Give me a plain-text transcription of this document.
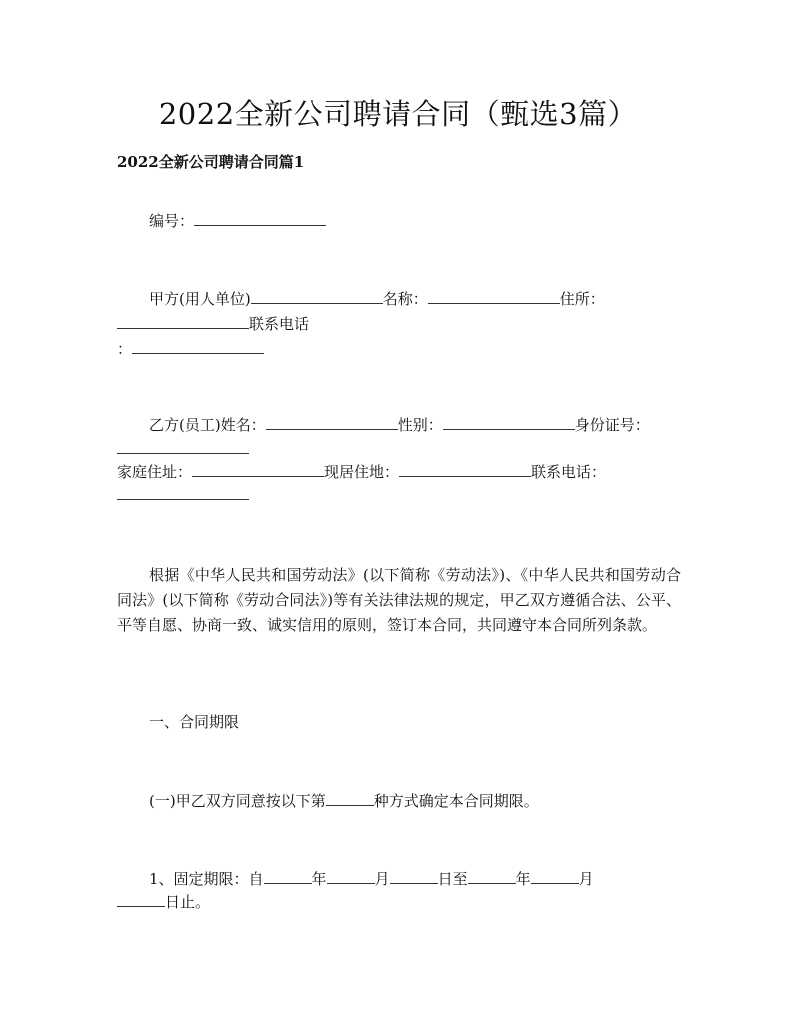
2022全新公司聘请合同（甄选3篇）
2022全新公司聘请合同篇1
编号：
甲方(用人单位)	名称：	住所：
联系电话
：
乙方(员工)姓名：	性别：	身份证号：
家庭住址：	现居住地：	联系电话：
根据《中华人民共和国劳动法》(以下简称《劳动法》)、《中华人民共和国劳动合同法》(以下简称《劳动合同法》)等有关法律法规的规定，甲乙双方遵循合法、公平、平等自愿、协商一致、诚实信用的原则，签订本合同，共同遵守本合同所列条款。
一、合同期限
(一)甲乙双方同意按以下第	种方式确定本合同期限。
1、固定期限：自	年	月	日至	年	月
日止。
